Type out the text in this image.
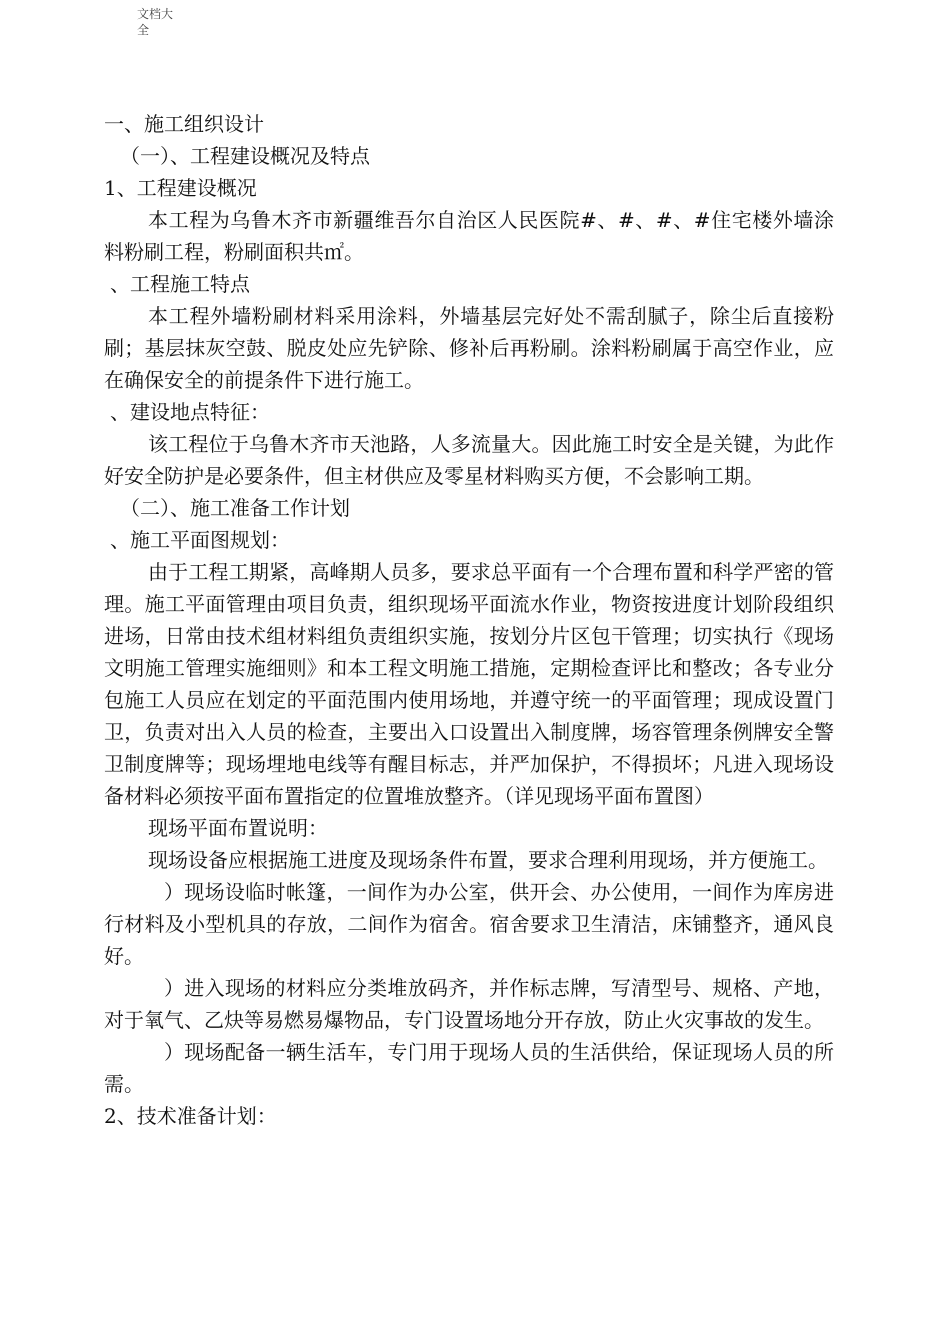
文档大全
一、施工组织设计
（一）、工程建设概况及特点
1、工程建设概况
本工程为乌鲁木齐市新疆维吾尔自治区人民医院#、#、#、#住宅楼外墙涂料粉刷工程，粉刷面积共㎡。
、工程施工特点
本工程外墙粉刷材料采用涂料，外墙基层完好处不需刮腻子，除尘后直接粉刷；基层抹灰空鼓、脱皮处应先铲除、修补后再粉刷。涂料粉刷属于高空作业，应在确保安全的前提条件下进行施工。
、建设地点特征：
该工程位于乌鲁木齐市天池路，人多流量大。因此施工时安全是关键，为此作好安全防护是必要条件，但主材供应及零星材料购买方便，不会影响工期。
（二）、施工准备工作计划
、施工平面图规划：
由于工程工期紧，高峰期人员多，要求总平面有一个合理布置和科学严密的管理。施工平面管理由项目负责，组织现场平面流水作业，物资按进度计划阶段组织进场，日常由技术组材料组负责组织实施，按划分片区包干管理；切实执行《现场文明施工管理实施细则》和本工程文明施工措施，定期检查评比和整改；各专业分包施工人员应在划定的平面范围内使用场地，并遵守统一的平面管理；现成设置门卫，负责对出入人员的检查，主要出入口设置出入制度牌，场容管理条例牌安全警卫制度牌等；现场埋地电线等有醒目标志，并严加保护，不得损坏；凡进入现场设备材料必须按平面布置指定的位置堆放整齐。（详见现场平面布置图）
现场平面布置说明：
现场设备应根据施工进度及现场条件布置，要求合理利用现场，并方便施工。
）现场设临时帐篷，一间作为办公室，供开会、办公使用，一间作为库房进行材料及小型机具的存放，二间作为宿舍。宿舍要求卫生清洁，床铺整齐，通风良好。
）进入现场的材料应分类堆放码齐，并作标志牌，写清型号、规格、产地，对于氧气、乙炔等易燃易爆物品，专门设置场地分开存放，防止火灾事故的发生。
）现场配备一辆生活车，专门用于现场人员的生活供给，保证现场人员的所需。
2、技术准备计划：
